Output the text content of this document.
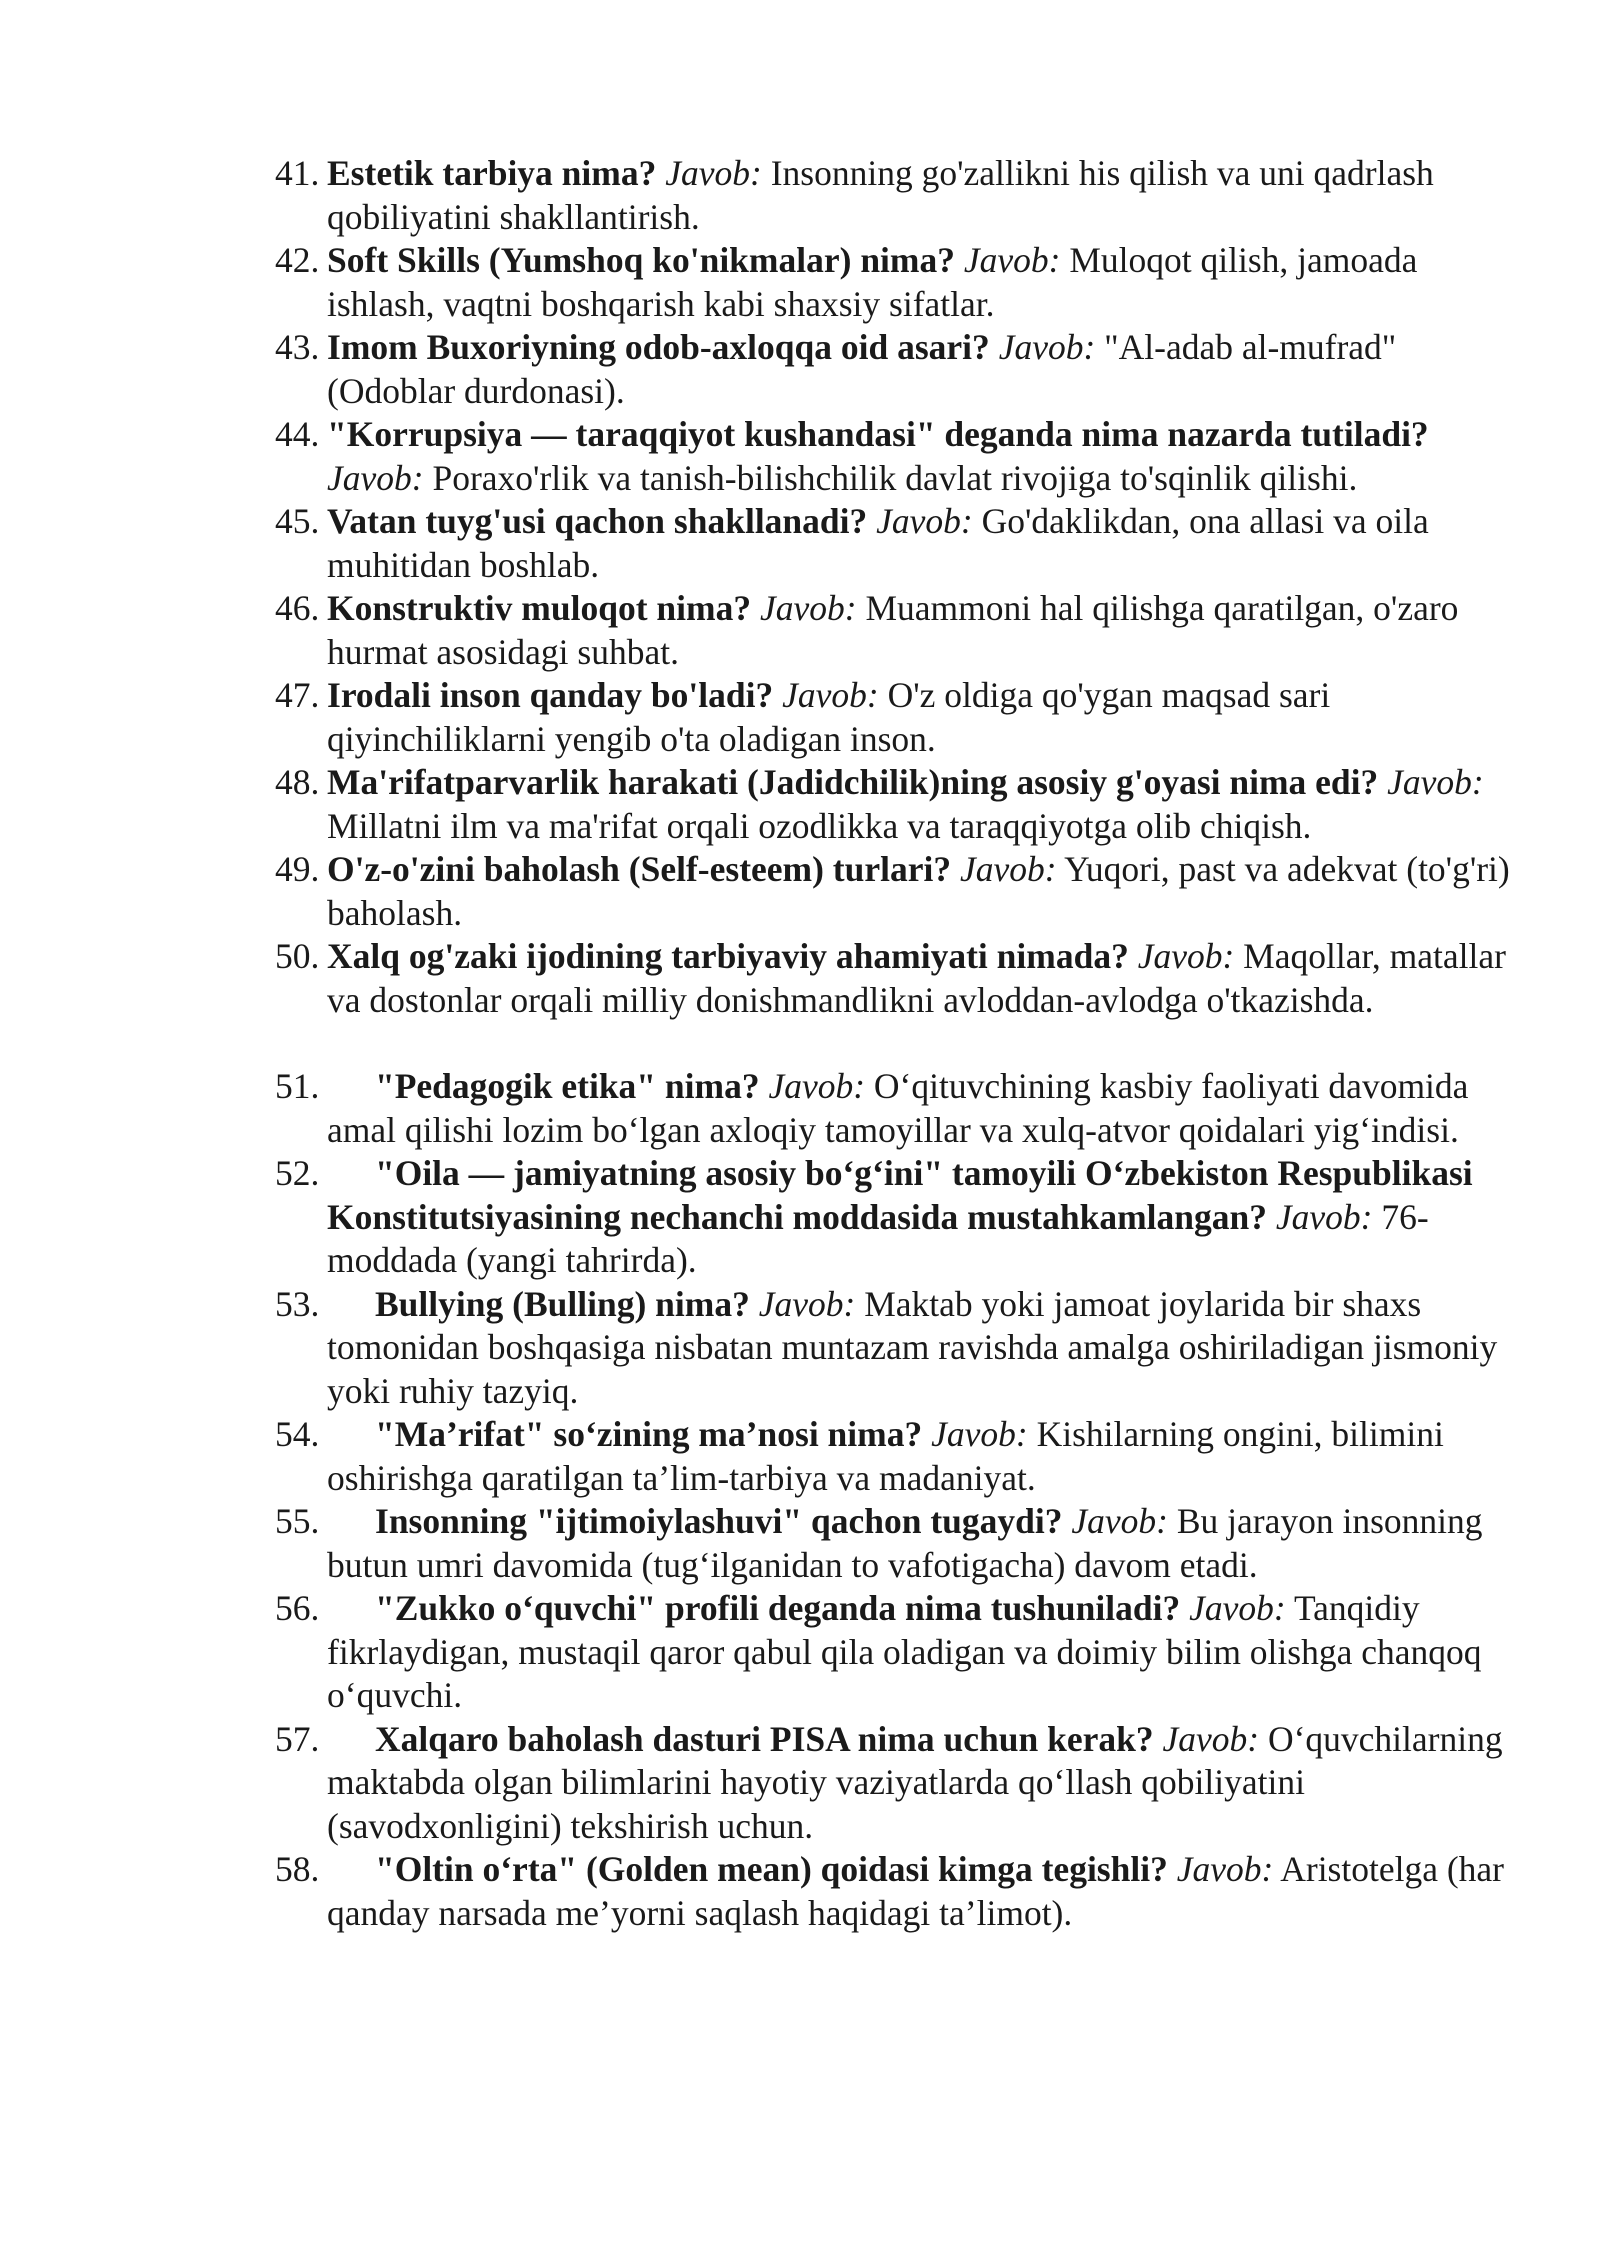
41. Estetik tarbiya nima? Javob: Insonning go'zallikni his qilish va uni qadrlash qobiliyatini shakllantirish.
42. Soft Skills (Yumshoq ko'nikmalar) nima? Javob: Muloqot qilish, jamoada ishlash, vaqtni boshqarish kabi shaxsiy sifatlar.
43. Imom Buxoriyning odob-axloqqa oid asari? Javob: "Al-adab al-mufrad" (Odoblar durdonasi).
44. "Korrupsiya — taraqqiyot kushandasi" deganda nima nazarda tutiladi? Javob: Poraxo'rlik va tanish-bilishchilik davlat rivojiga to'sqinlik qilishi.
45. Vatan tuyg'usi qachon shakllanadi? Javob: Go'daklikdan, ona allasi va oila muhitidan boshlab.
46. Konstruktiv muloqot nima? Javob: Muammoni hal qilishga qaratilgan, o'zaro hurmat asosidagi suhbat.
47. Irodali inson qanday bo'ladi? Javob: O'z oldiga qo'ygan maqsad sari qiyinchiliklarni yengib o'ta oladigan inson.
48. Ma'rifatparvarlik harakati (Jadidchilik)ning asosiy g'oyasi nima edi? Javob: Millatni ilm va ma'rifat orqali ozodlikka va taraqqiyotga olib chiqish.
49. O'z-o'zini baholash (Self-esteem) turlari? Javob: Yuqori, past va adekvat (to'g'ri) baholash.
50. Xalq og'zaki ijodining tarbiyaviy ahamiyati nimada? Javob: Maqollar, matallar va dostonlar orqali milliy donishmandlikni avloddan-avlodga o'tkazishda.
51. "Pedagogik etika" nima? Javob: O‘qituvchining kasbiy faoliyati davomida amal qilishi lozim bo‘lgan axloqiy tamoyillar va xulq-atvor qoidalari yig‘indisi.
52. "Oila — jamiyatning asosiy bo‘g‘ini" tamoyili O‘zbekiston Respublikasi Konstitutsiyasining nechanchi moddasida mustahkamlangan? Javob: 76-moddada (yangi tahrirda).
53. Bullying (Bulling) nima? Javob: Maktab yoki jamoat joylarida bir shaxs tomonidan boshqasiga nisbatan muntazam ravishda amalga oshiriladigan jismoniy yoki ruhiy tazyiq.
54. "Ma’rifat" so‘zining ma’nosi nima? Javob: Kishilarning ongini, bilimini oshirishga qaratilgan ta’lim-tarbiya va madaniyat.
55. Insonning "ijtimoiylashuvi" qachon tugaydi? Javob: Bu jarayon insonning butun umri davomida (tug‘ilganidan to vafotigacha) davom etadi.
56. "Zukko o‘quvchi" profili deganda nima tushuniladi? Javob: Tanqidiy fikrlaydigan, mustaqil qaror qabul qila oladigan va doimiy bilim olishga chanqoq o‘quvchi.
57. Xalqaro baholash dasturi PISA nima uchun kerak? Javob: O‘quvchilarning maktabda olgan bilimlarini hayotiy vaziyatlarda qo‘llash qobiliyatini (savodxonligini) tekshirish uchun.
58. "Oltin o‘rta" (Golden mean) qoidasi kimga tegishli? Javob: Aristotelga (har qanday narsada me’yorni saqlash haqidagi ta’limot).
